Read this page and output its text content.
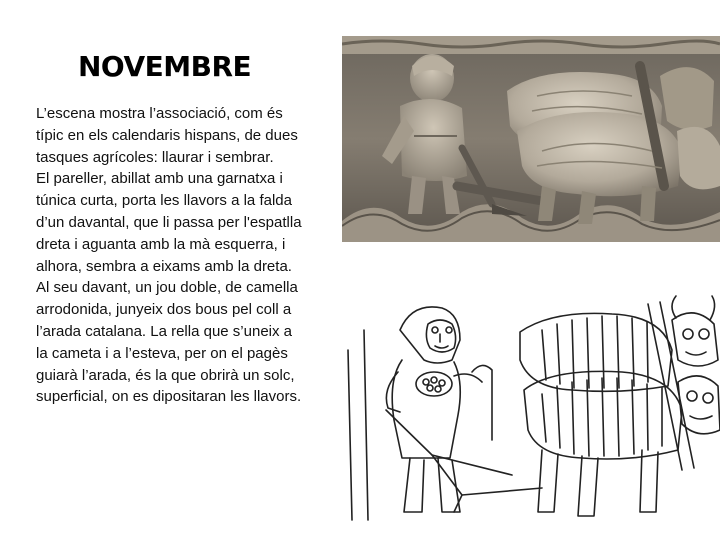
NOVEMBRE

L’escena mostra l’associació, com és típic en els calendaris hispans, de dues tasques agrícoles: llaurar i sembrar.

El pareller, abillat amb una garnatxa i túnica curta, porta les llavors a la falda d’un davantal, que li passa per l'espatlla dreta i aguanta amb la mà esquerra, i alhora, sembra a eixams amb la dreta.

Al seu davant, un jou doble, de camella arrodonida, junyeix dos bous pel coll a l’arada catalana. La rella que s’uneix a la cameta i a l’esteva, per on el pagès guiarà l’arada, és la que obrirà un solc, superficial, on es dipositaran les llavors.
